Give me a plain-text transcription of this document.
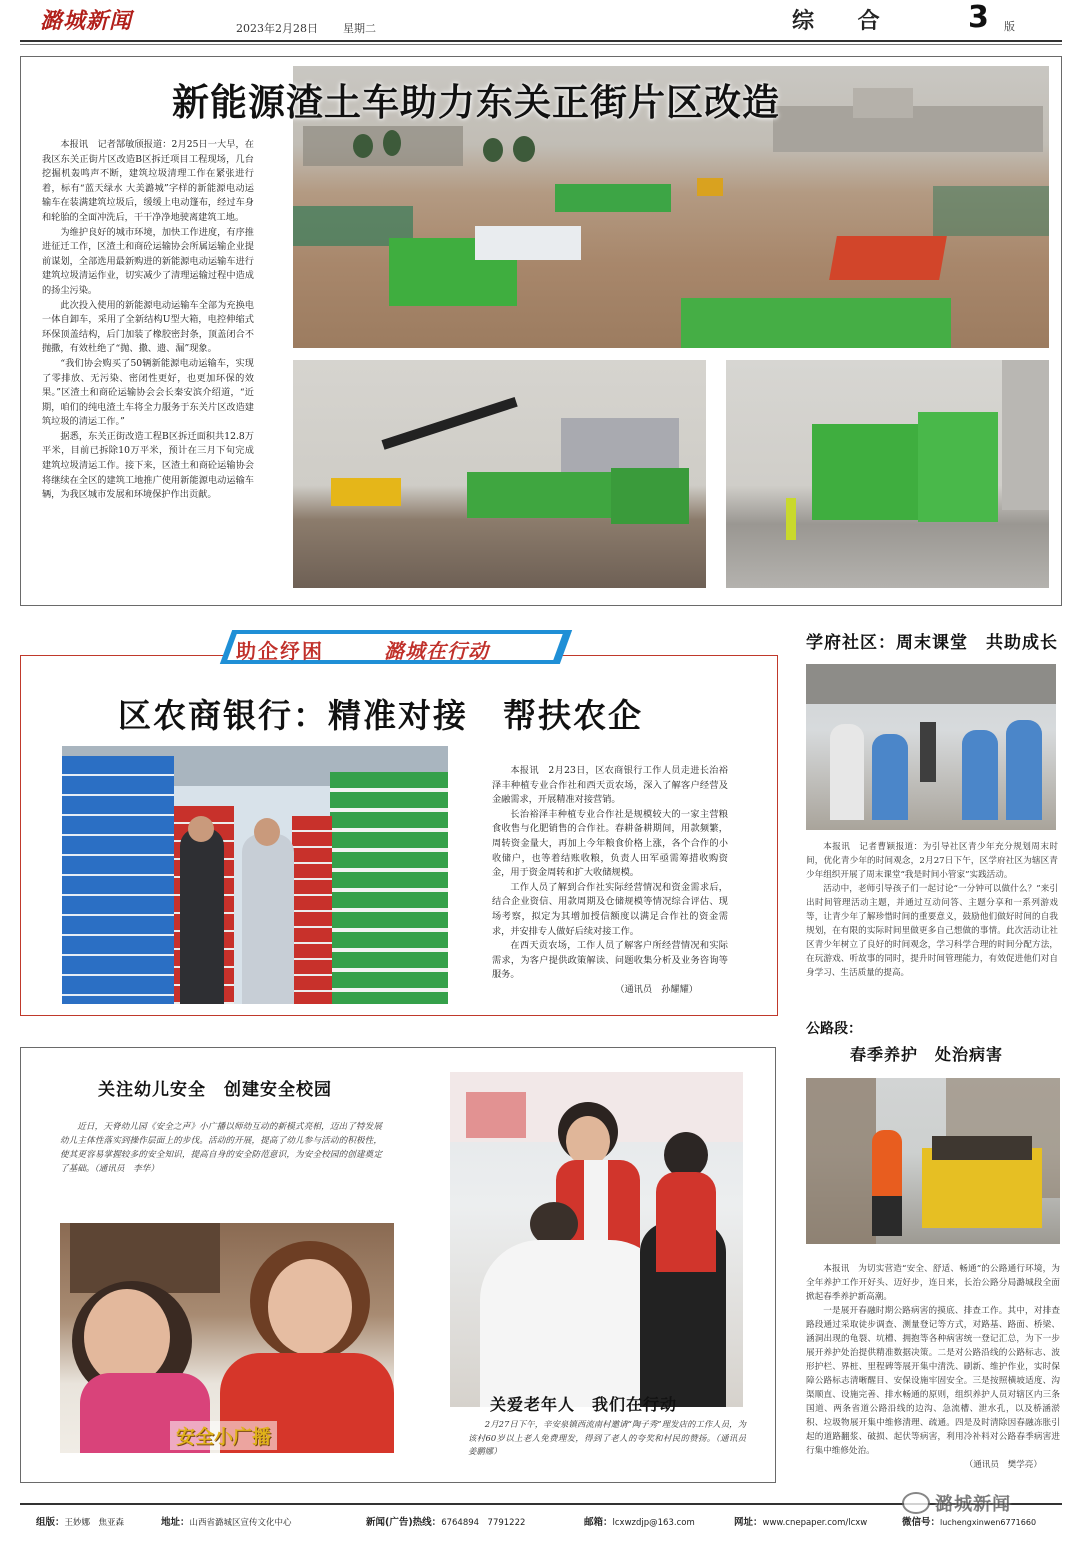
潞城新闻	2023年2月28日 星期二	综 合 3 版
新能源渣土车助力东关正街片区改造

本报讯　记者郜敏颀报道：2月25日一大早，在我区东关正街片区改造B区拆迁项目工程现场，几台挖掘机轰鸣声不断，建筑垃圾清理工作在紧张进行着，标有“蓝天绿水 大美潞城”字样的新能源电动运输车在装满建筑垃圾后，缓缓上电动篷布，经过车身和轮胎的全面冲洗后，干干净净地驶离建筑工地。

为维护良好的城市环境，加快工作进度，有序推进征迁工作，区渣土和商砼运输协会所属运输企业提前谋划，全部选用最新购进的新能源电动运输车进行建筑垃圾清运作业，切实减少了清理运输过程中造成的扬尘污染。

此次投入使用的新能源电动运输车全部为充换电一体自卸车，采用了全新结构U型大箱，电控伸缩式环保顶盖结构，后门加装了橡胶密封条，顶盖闭合不抛撒，有效杜绝了“抛、撒、遗、漏”现象。

“我们协会购买了50辆新能源电动运输车，实现了零排放、无污染、密闭性更好，也更加环保的效果。”区渣土和商砼运输协会会长秦安滨介绍道，“近期，咱们的纯电渣土车将全力服务于东关片区改造建筑垃圾的清运工作。”

据悉，东关正街改造工程B区拆迁面积共12.8万平米，目前已拆除10万平米，预计在三月下旬完成建筑垃圾清运工作。接下来，区渣土和商砼运输协会将继续在全区的建筑工地推广使用新能源电动运输车辆，为我区城市发展和环境保护作出贡献。

助企纾困	潞城在行动
区农商银行：精准对接　帮扶农企

本报讯　2月23日，区农商银行工作人员走进长治裕泽丰种植专业合作社和西天贡农场，深入了解客户经营及金融需求，开展精准对接营销。

长治裕泽丰种植专业合作社是规模较大的一家主营粮食收售与化肥销售的合作社。春耕备耕期间，用款频繁，周转资金量大，再加上今年粮食价格上涨，各个合作的小收储户，也等着结账收粮，负责人田军亟需筹措收购资金，用于资金周转和扩大收储规模。

工作人员了解到合作社实际经营情况和资金需求后，结合企业资信、用款周期及仓储规模等情况综合评估、现场考察，拟定为其增加授信额度以满足合作社的资金需求，并安排专人做好后续对接工作。

在西天贡农场，工作人员了解客户所经营情况和实际需求，为客户提供政策解读、问题收集分析及业务咨询等服务。

（通讯员　孙耀耀）
学府社区：周末课堂　共助成长

本报讯　记者曹颖报道：为引导社区青少年充分规划周末时间，优化青少年的时间观念，2月27日下午，区学府社区为辖区青少年组织开展了周末课堂“我是时间小管家”实践活动。

活动中，老师引导孩子们一起讨论“一分钟可以做什么？”来引出时间管理活动主题，并通过互动问答、主题分享和一系列游戏等，让青少年了解珍惜时间的重要意义，鼓励他们做好时间的自我规划，在有限的实际时间里做更多自己想做的事情。此次活动让社区青少年树立了良好的时间观念，学习科学合理的时间分配方法，在玩游戏、听故事的同时，提升时间管理能力，有效促进他们对自身学习、生活质量的提高。

公路段：
春季养护　处治病害

本报讯　为切实营造“安全、舒适、畅通”的公路通行环境，为全年养护工作开好头、迈好步，连日来，长治公路分局潞城段全面掀起春季养护新高潮。

一是展开春融时期公路病害的摸底、排查工作。其中，对排查路段通过采取徒步调查、测量登记等方式，对路基、路面、桥梁、涵洞出现的龟裂、坑槽、拥抱等各种病害统一登记汇总，为下一步展开养护处治提供精准数据决策。二是对公路沿线的公路标志、波形护栏、界桩、里程碑等展开集中清洗、刷新、维护作业，实时保障公路标志清晰醒目、安保设施牢固安全。三是按照横坡适度、沟渠顺直、设施完善、排水畅通的原则，组织养护人员对辖区内三条国道、两条省道公路沿线的边沟、急流槽、泄水孔，以及桥涵淤积、垃圾物展开集中维修清理、疏通。四是及时清除因春融冻胀引起的道路翻浆、破损、起伏等病害，利用冷补料对公路春季病害进行集中维修处治。

（通讯员　樊学亮）
关注幼儿安全　创建安全校园

近日，天脊幼儿园《安全之声》小广播以师幼互动的新模式亮相，迈出了特发展幼儿主体性落实到操作层面上的步伐。活动的开展，提高了幼儿参与活动的积极性，使其更容易掌握较多的安全知识，提高自身的安全防范意识，为安全校园的创建奠定了基础。（通讯员　李华）

安全小广播
关爱老年人　我们在行动

2月27日下午，辛安泉镇西流南村邀请“陶子秀”理发店的工作人员，为该村60岁以上老人免费理发，得到了老人的夸奖和村民的赞扬。（通讯员　姜鹏娜）

组版：王妙娜　焦亚森	地址：山西省潞城区宣传文化中心	新闻(广告)热线：6764894　7791222	邮箱：lcxwzdjp@163.com	网址：www.cnepaper.com/lcxw	微信号：luchengxinwen6771660
潞城新闻
